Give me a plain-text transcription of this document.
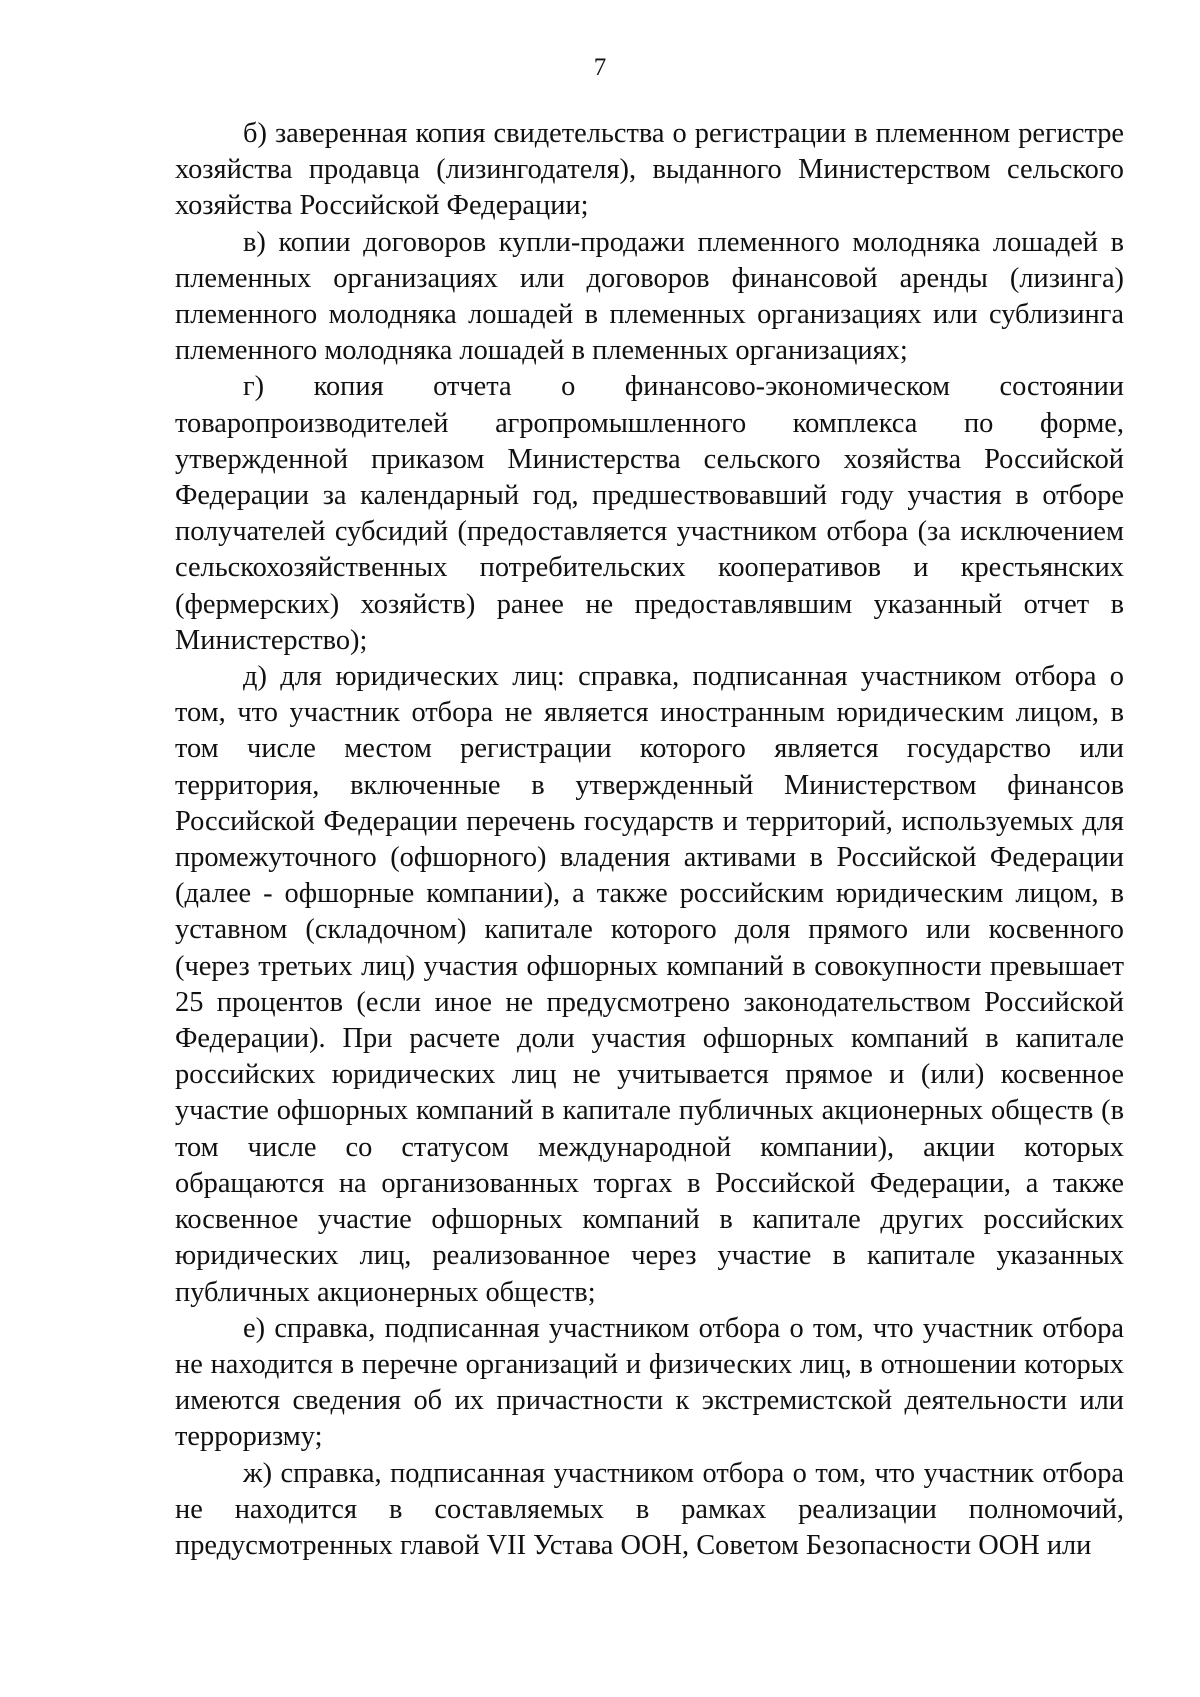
7

б) заверенная копия свидетельства о регистрации в племенном регистре хозяйства продавца (лизингодателя), выданного Министерством сельского хозяйства Российской Федерации;

в) копии договоров купли-продажи племенного молодняка лошадей в племенных организациях или договоров финансовой аренды (лизинга) племенного молодняка лошадей в племенных организациях или сублизинга племенного молодняка лошадей в племенных организациях;

г) копия отчета о финансово-экономическом состоянии товаропроизводителей агропромышленного комплекса по форме, утвержденной приказом Министерства сельского хозяйства Российской Федерации за календарный год, предшествовавший году участия в отборе получателей субсидий (предоставляется участником отбора (за исключением сельскохозяйственных потребительских кооперативов и крестьянских (фермерских) хозяйств) ранее не предоставлявшим указанный отчет в Министерство);

д) для юридических лиц: справка, подписанная участником отбора о том, что участник отбора не является иностранным юридическим лицом, в том числе местом регистрации которого является государство или территория, включенные в утвержденный Министерством финансов Российской Федерации перечень государств и территорий, используемых для промежуточного (офшорного) владения активами в Российской Федерации (далее - офшорные компании), а также российским юридическим лицом, в уставном (складочном) капитале которого доля прямого или косвенного (через третьих лиц) участия офшорных компаний в совокупности превышает 25 процентов (если иное не предусмотрено законодательством Российской Федерации). При расчете доли участия офшорных компаний в капитале российских юридических лиц не учитывается прямое и (или) косвенное участие офшорных компаний в капитале публичных акционерных обществ (в том числе со статусом международной компании), акции которых обращаются на организованных торгах в Российской Федерации, а также косвенное участие офшорных компаний в капитале других российских юридических лиц, реализованное через участие в капитале указанных публичных акционерных обществ;

е) справка, подписанная участником отбора о том, что участник отбора не находится в перечне организаций и физических лиц, в отношении которых имеются сведения об их причастности к экстремистской деятельности или терроризму;

ж) справка, подписанная участником отбора о том, что участник отбора не находится в составляемых в рамках реализации полномочий, предусмотренных главой VII Устава ООН, Советом Безопасности ООН или
